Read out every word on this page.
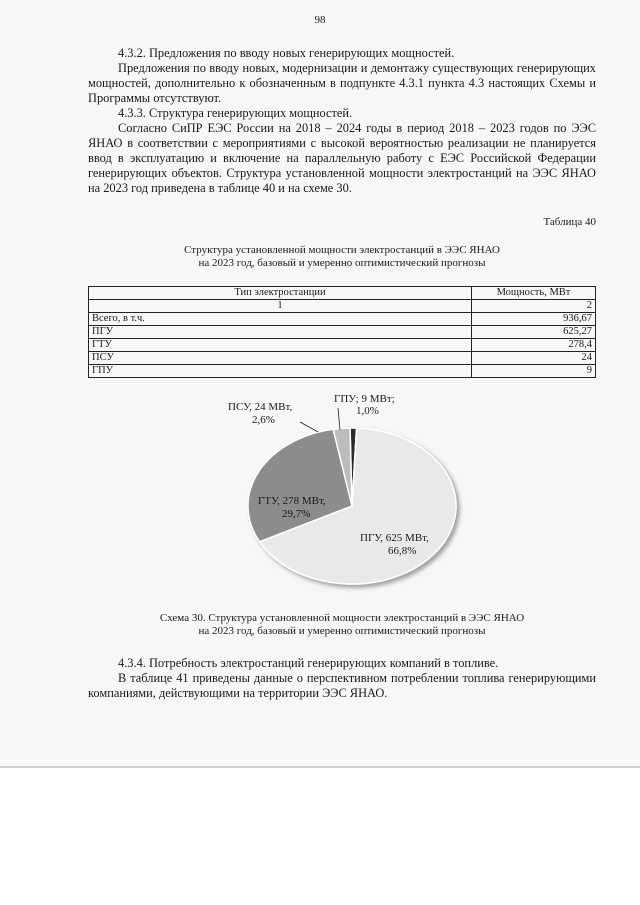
98

4.3.2. Предложения по вводу новых генерирующих мощностей.

Предложения по вводу новых, модернизации и демонтажу существующих генерирующих мощностей, дополнительно к обозначенным в подпункте 4.3.1 пункта 4.3 настоящих Схемы и Программы отсутствуют.

4.3.3. Структура генерирующих мощностей.

Согласно СиПР ЕЭС России на 2018 – 2024 годы в период 2018 – 2023 годов по ЭЭС ЯНАО в соответствии с мероприятиями с высокой вероятностью реализации не планируется ввод в эксплуатацию и включение на параллельную работу с ЕЭС Российской Федерации генерирующих объектов. Структура установленной мощности электростанций на ЭЭС ЯНАО на 2023 год приведена в таблице 40 и на схеме 30.

Таблица 40
Структура установленной мощности электростанций в ЭЭС ЯНАО
на 2023 год, базовый и умеренно оптимистический прогнозы
Тип электростанции	Мощность, МВт
1	2
Всего, в т.ч.	936,67
ПГУ	625,27
ГТУ	278,4
ПСУ	24
ГПУ	9
ПСУ, 24 МВт,
2,6%
ГПУ; 9 МВт;
1,0%
ГТУ, 278 МВт,
29,7%
ПГУ, 625 МВт,
66,8%
Схема 30. Структура установленной мощности электростанций в ЭЭС ЯНАО
на 2023 год, базовый и умеренно оптимистический прогнозы

4.3.4. Потребность электростанций генерирующих компаний в топливе.

В таблице 41 приведены данные о перспективном потреблении топлива генерирующими компаниями, действующими на территории ЭЭС ЯНАО.
